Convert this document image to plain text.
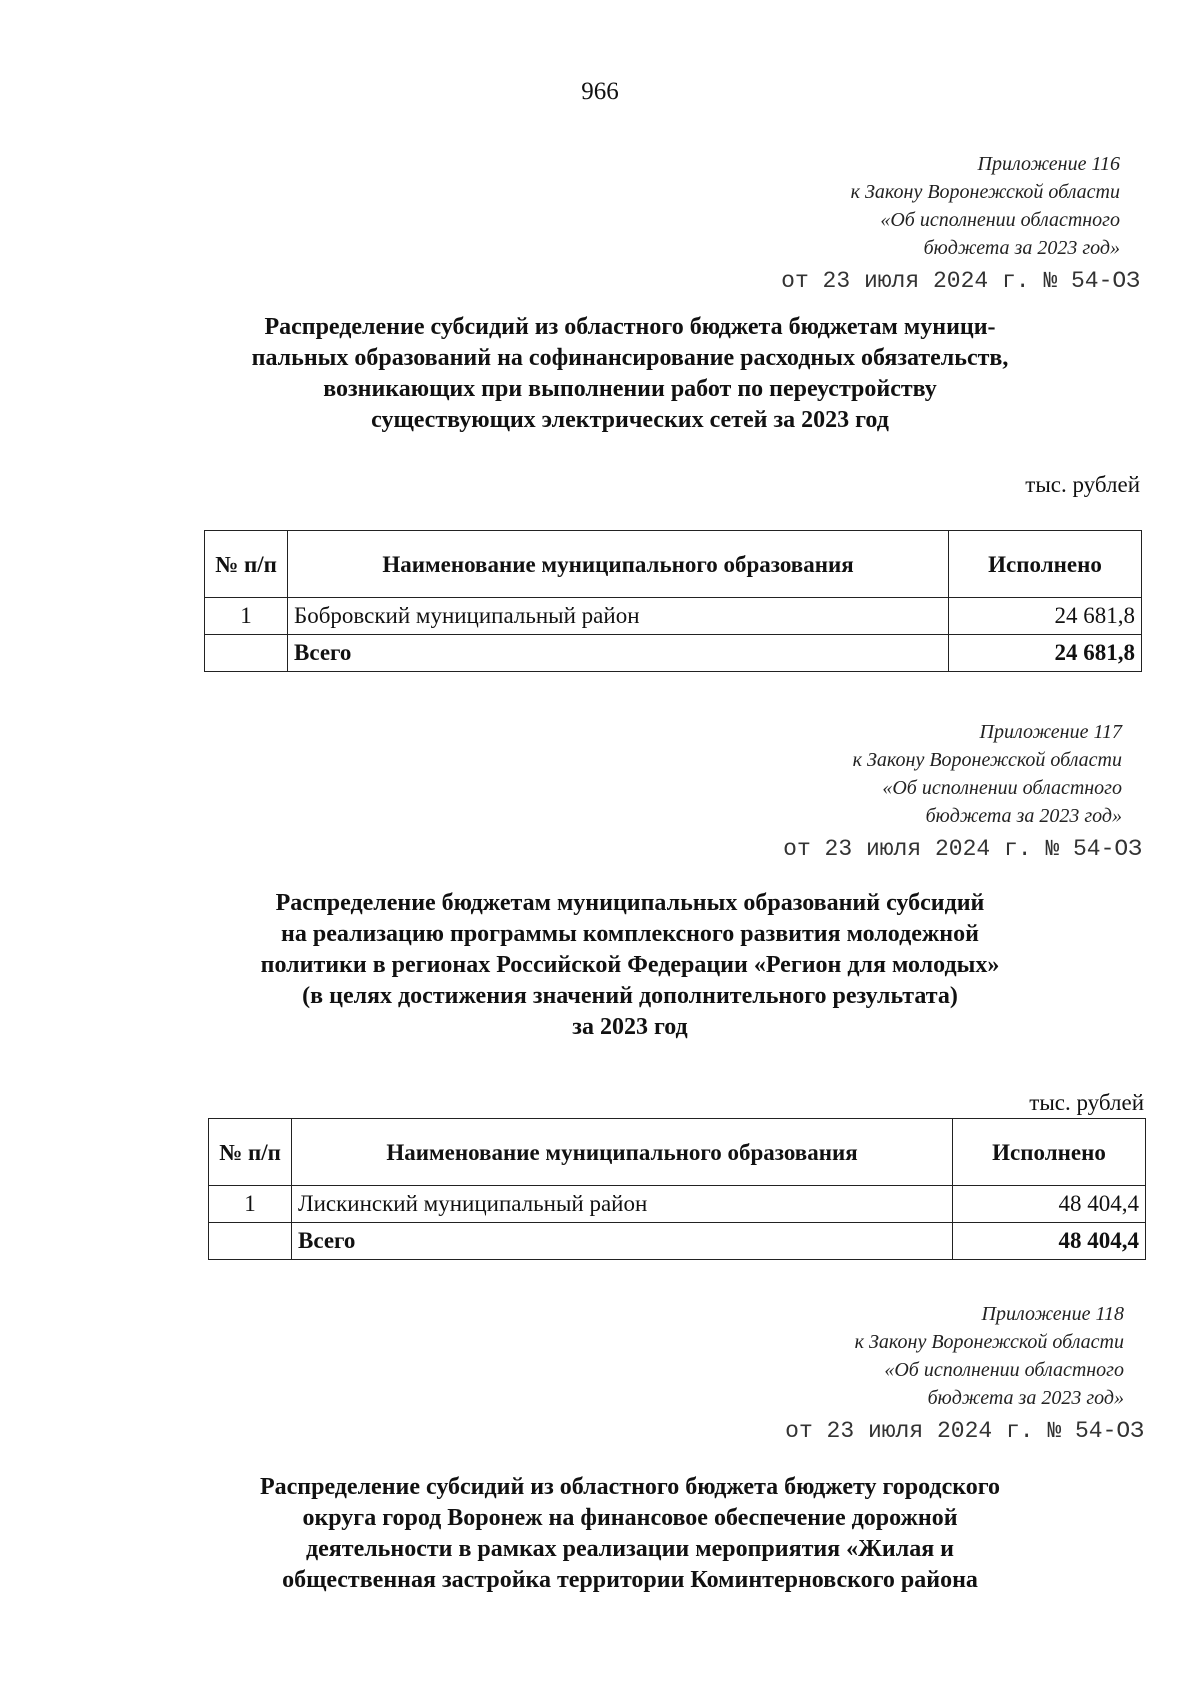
966
Приложение 116
к Закону Воронежской области
«Об исполнении областного
бюджета за 2023 год»
от 23 июля 2024 г. № 54-ОЗ
Распределение субсидий из областного бюджета бюджетам муници-
пальных образований на софинансирование расходных обязательств,
возникающих при выполнении работ по переустройству
существующих электрических сетей за 2023 год
тыс. рублей
№ п/п	Наименование муниципального образования	Исполнено
1	Бобровский муниципальный район	24 681,8
	Всего	24 681,8
Приложение 117
к Закону Воронежской области
«Об исполнении областного
бюджета за 2023 год»
от 23 июля 2024 г. № 54-ОЗ
Распределение бюджетам муниципальных образований субсидий
на реализацию программы комплексного развития молодежной
политики в регионах Российской Федерации «Регион для молодых»
(в целях достижения значений дополнительного результата)
за 2023 год
тыс. рублей
№ п/п	Наименование муниципального образования	Исполнено
1	Лискинский муниципальный район	48 404,4
	Всего	48 404,4
Приложение 118
к Закону Воронежской области
«Об исполнении областного
бюджета за 2023 год»
от 23 июля 2024 г. № 54-ОЗ
Распределение субсидий из областного бюджета бюджету городского
округа город Воронеж на финансовое обеспечение дорожной
деятельности в рамках реализации мероприятия «Жилая и
общественная застройка территории Коминтерновского района
